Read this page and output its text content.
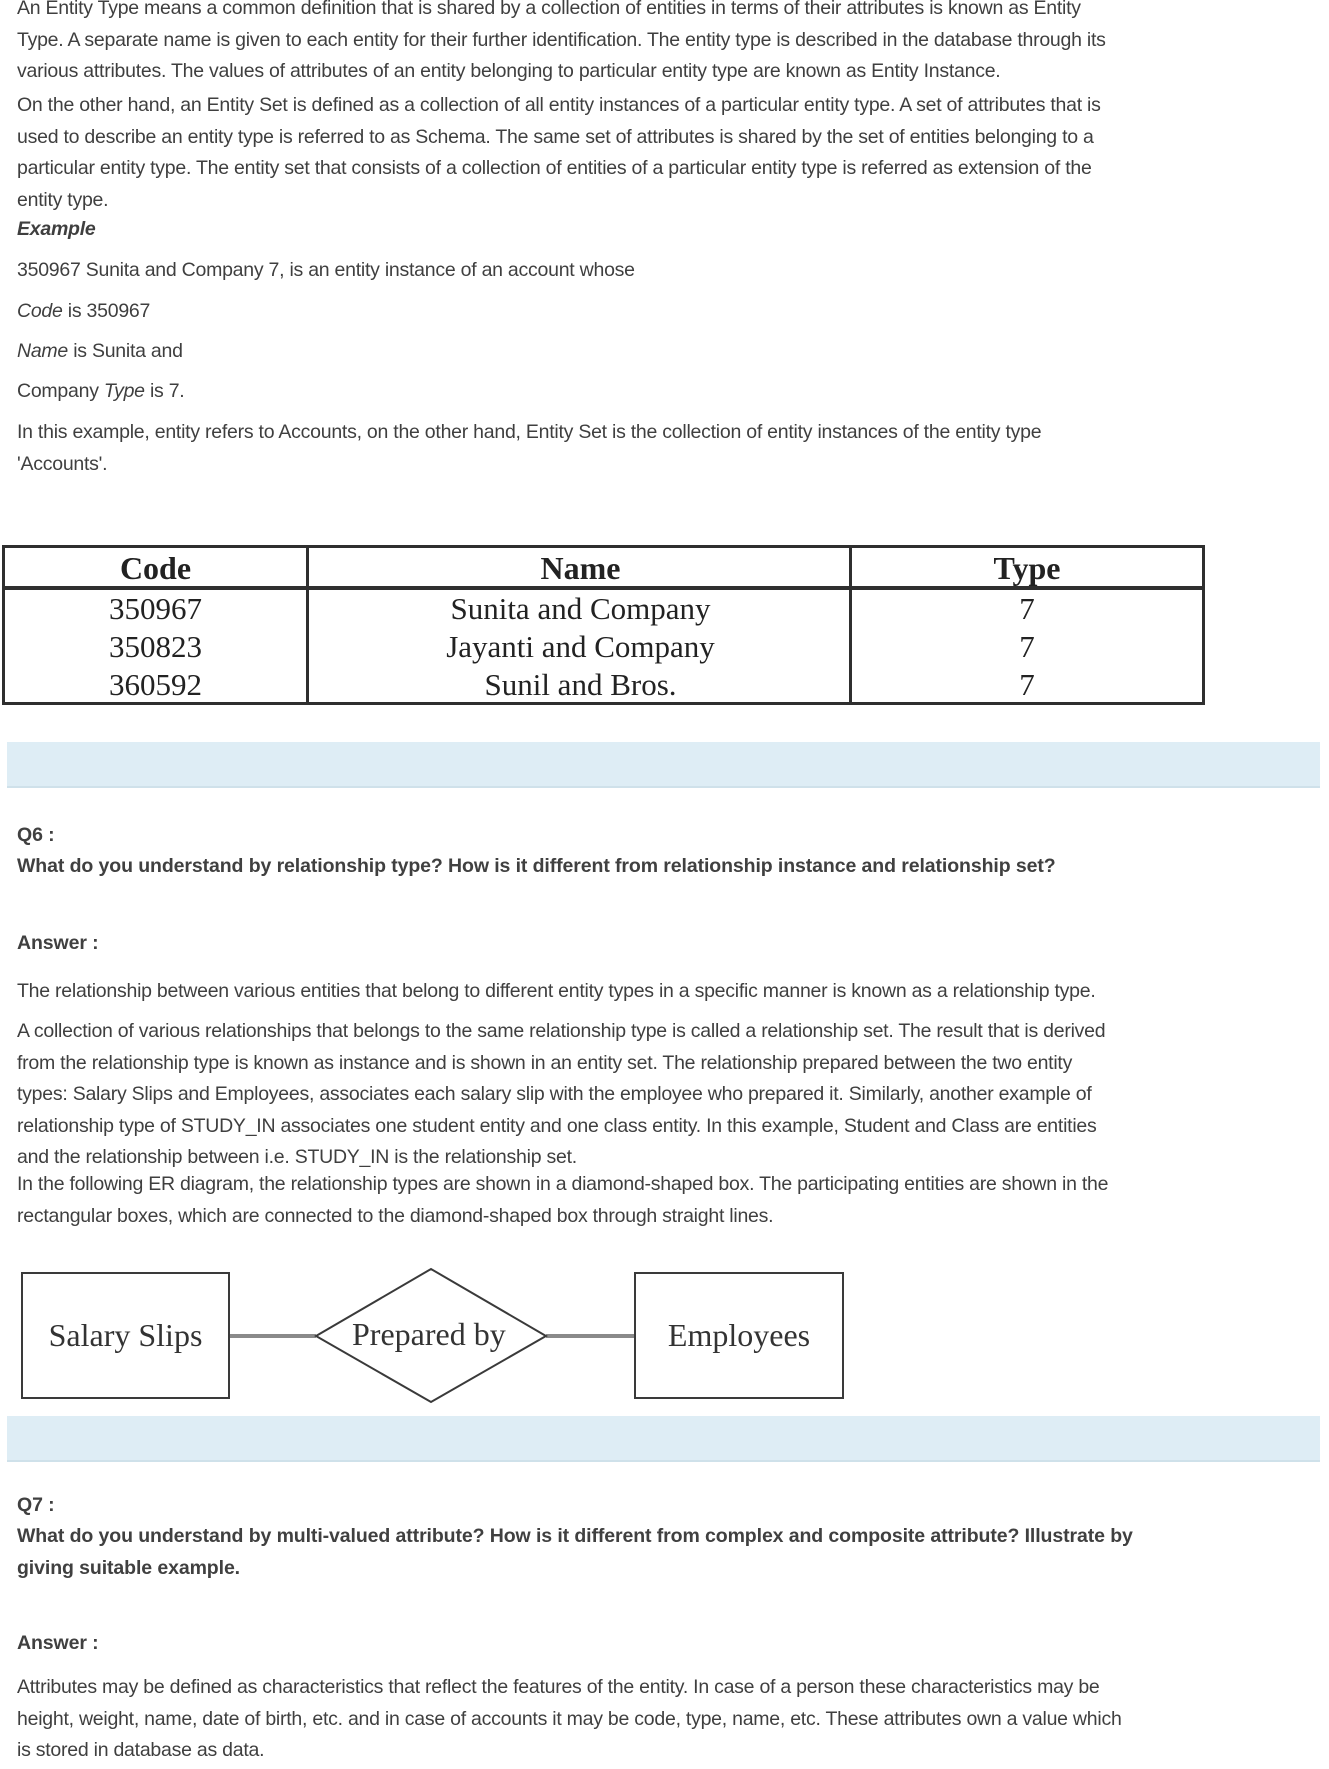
An Entity Type means a common definition that is shared by a collection of entities in terms of their attributes is known as Entity
Type. A separate name is given to each entity for their further identification. The entity type is described in the database through its
various attributes. The values of attributes of an entity belonging to particular entity type are known as Entity Instance.

On the other hand, an Entity Set is defined as a collection of all entity instances of a particular entity type. A set of attributes that is
used to describe an entity type is referred to as Schema. The same set of attributes is shared by the set of entities belonging to a
particular entity type. The entity set that consists of a collection of entities of a particular entity type is referred as extension of the
entity type.

Example

350967 Sunita and Company 7, is an entity instance of an account whose

Code is 350967

Name is Sunita and

Company Type is 7.

In this example, entity refers to Accounts, on the other hand, Entity Set is the collection of entity instances of the entity type
'Accounts'.

Code
350967
350823
360592
Name
Sunita and Company
Jayanti and Company
Sunil and Bros.
Type
7
7
7
Q6 :
What do you understand by relationship type? How is it different from relationship instance and relationship set?
Answer :

The relationship between various entities that belong to different entity types in a specific manner is known as a relationship type.

A collection of various relationships that belongs to the same relationship type is called a relationship set. The result that is derived
from the relationship type is known as instance and is shown in an entity set. The relationship prepared between the two entity
types: Salary Slips and Employees, associates each salary slip with the employee who prepared it. Similarly, another example of
relationship type of STUDY_IN associates one student entity and one class entity. In this example, Student and Class are entities
and the relationship between i.e. STUDY_IN is the relationship set.

In the following ER diagram, the relationship types are shown in a diamond-shaped box. The participating entities are shown in the
rectangular boxes, which are connected to the diamond-shaped box through straight lines.

Salary Slips	Prepared by	Employees
Q7 :
What do you understand by multi-valued attribute? How is it different from complex and composite attribute? Illustrate by
giving suitable example.
Answer :

Attributes may be defined as characteristics that reflect the features of the entity. In case of a person these characteristics may be
height, weight, name, date of birth, etc. and in case of accounts it may be code, type, name, etc. These attributes own a value which
is stored in database as data.
